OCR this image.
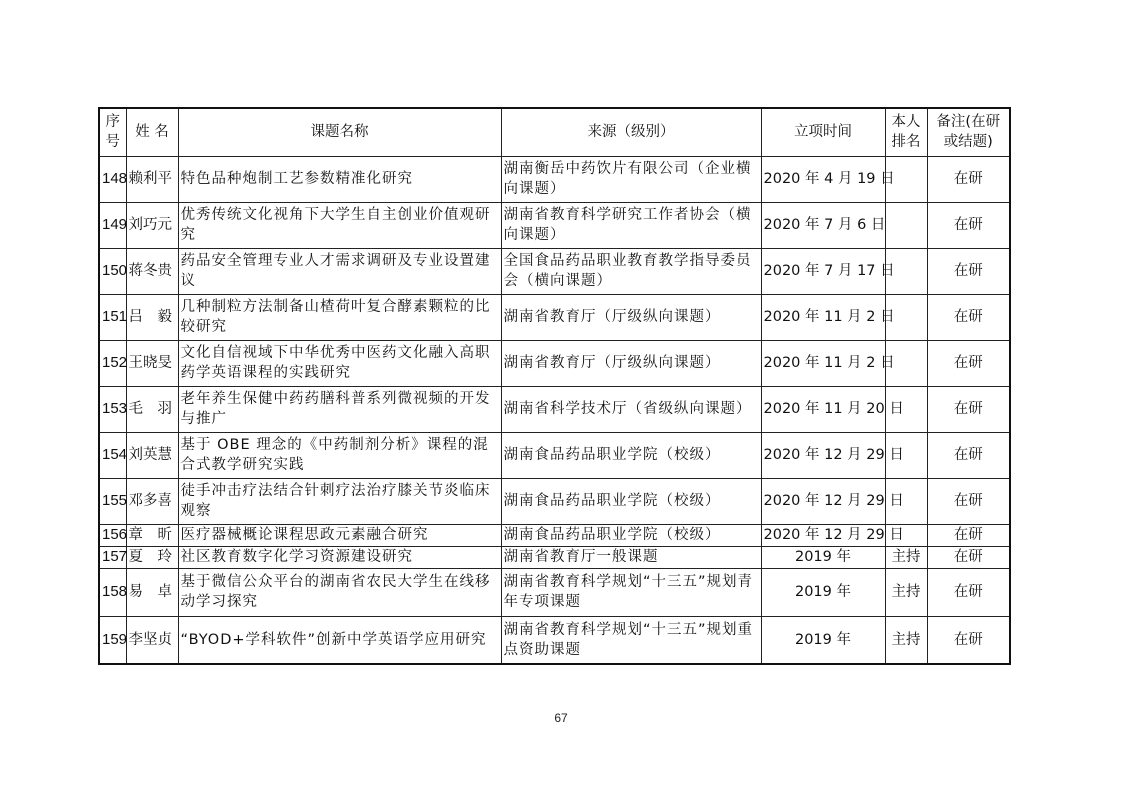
序号	姓 名	课题名称	来源（级别）	立项时间	本人排名	备注(在研或结题)
148	赖利平	特色品种炮制工艺参数精准化研究	湖南衡岳中药饮片有限公司（企业横向课题）	2020 年 4 月 19 日		在研
149	刘巧元	优秀传统文化视角下大学生自主创业价值观研究	湖南省教育科学研究工作者协会（横向课题）	2020 年 7 月 6 日		在研
150	蒋冬贵	药品安全管理专业人才需求调研及专业设置建议	全国食品药品职业教育教学指导委员会（横向课题）	2020 年 7 月 17 日		在研
151	吕　毅	几种制粒方法制备山楂荷叶复合酵素颗粒的比较研究	湖南省教育厅（厅级纵向课题）	2020 年 11 月 2 日		在研
152	王晓旻	文化自信视域下中华优秀中医药文化融入高职药学英语课程的实践研究	湖南省教育厅（厅级纵向课题）	2020 年 11 月 2 日		在研
153	毛　羽	老年养生保健中药药膳科普系列微视频的开发与推广	湖南省科学技术厅（省级纵向课题）	2020 年 11 月 20 日		在研
154	刘英慧	基于 OBE 理念的《中药制剂分析》课程的混合式教学研究实践	湖南食品药品职业学院（校级）	2020 年 12 月 29 日		在研
155	邓多喜	徒手冲击疗法结合针刺疗法治疗膝关节炎临床观察	湖南食品药品职业学院（校级）	2020 年 12 月 29 日		在研
156	章　昕	医疗器械概论课程思政元素融合研究	湖南食品药品职业学院（校级）	2020 年 12 月 29 日		在研
157	夏　玲	社区教育数字化学习资源建设研究	湖南省教育厅一般课题	2019 年	主持	在研
158	易　卓	基于微信公众平台的湖南省农民大学生在线移动学习探究	湖南省教育科学规划“十三五”规划青年专项课题	2019 年	主持	在研
159	李坚贞	“BYOD+学科软件”创新中学英语学应用研究	湖南省教育科学规划“十三五”规划重点资助课题	2019 年	主持	在研
67
